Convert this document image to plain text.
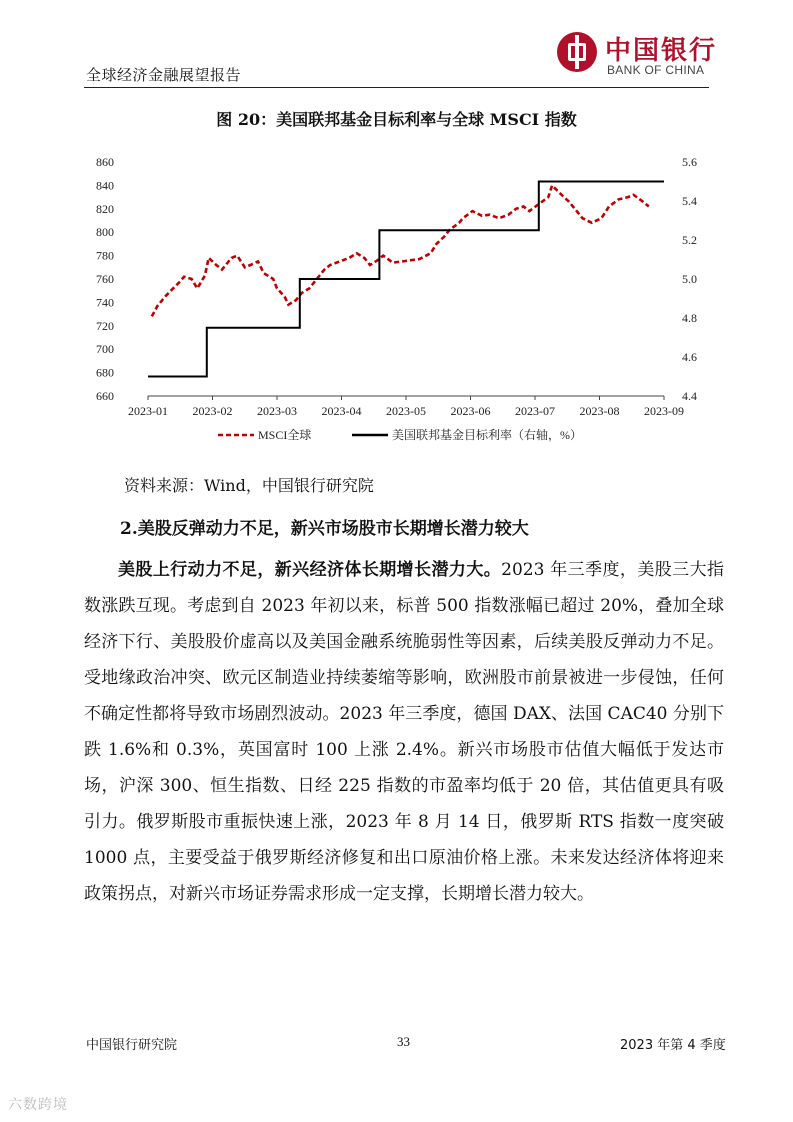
全球经济金融展望报告
中国银行
BANK OF CHINA
图 20：美国联邦基金目标利率与全球 MSCI 指数
2023-01 2023-02 2023-03 2023-04 2023-05 2023-06 2023-07 2023-08 2023-09
660
680
700
720
740
760
780
800
820
840
860
4.4
4.6
4.8
5.0
5.2
5.4
5.6
MSCI全球	美国联邦基金目标利率（右轴，%）
资料来源：Wind，中国银行研究院
2.美股反弹动力不足，新兴市场股市长期增长潜力较大

美股上行动力不足，新兴经济体长期增长潜力大。2023 年三季度，美股三大指数涨跌互现。考虑到自 2023 年初以来，标普 500 指数涨幅已超过 20%，叠加全球经济下行、美股股价虚高以及美国金融系统脆弱性等因素，后续美股反弹动力不足。受地缘政治冲突、欧元区制造业持续萎缩等影响，欧洲股市前景被进一步侵蚀，任何不确定性都将导致市场剧烈波动。2023 年三季度，德国 DAX、法国 CAC40 分别下跌 1.6%和 0.3%，英国富时 100 上涨 2.4%。新兴市场股市估值大幅低于发达市场，沪深 300、恒生指数、日经 225 指数的市盈率均低于 20 倍，其估值更具有吸引力。俄罗斯股市重振快速上涨，2023 年 8 月 14 日，俄罗斯 RTS 指数一度突破 1000 点，主要受益于俄罗斯经济修复和出口原油价格上涨。未来发达经济体将迎来政策拐点，对新兴市场证券需求形成一定支撑，长期增长潜力较大。

中国银行研究院	33	2023 年第 4 季度
六数跨境
